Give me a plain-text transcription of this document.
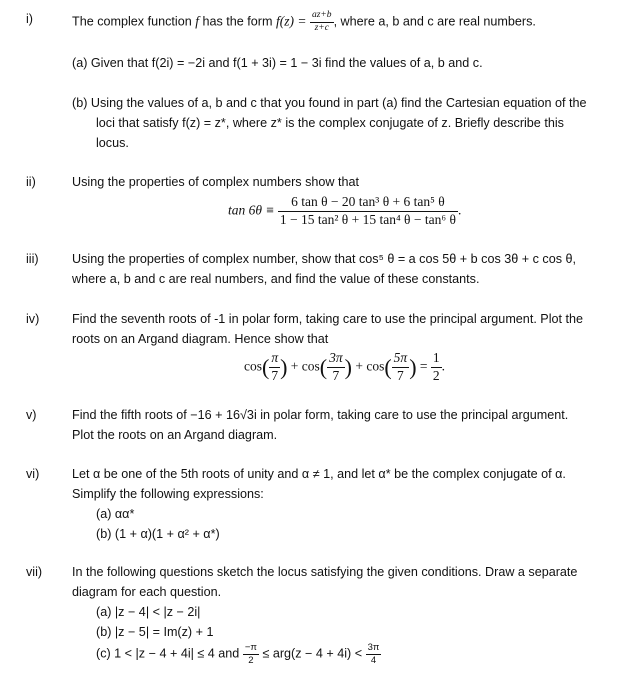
i)	The complex function f has the form $f(z) = \frac{az+b}{z+c}$ , where a, b and c are real numbers.

(a) Given that f(2i) = −2i and f(1 + 3i) = 1 − 3i find the values of a, b and c.

(b) Using the values of a, b and c that you found in part (a) find the Cartesian equation of the

loci that satisfy f(z) = z*, where z* is the complex conjugate of z. Briefly describe this

locus.

ii)	Using the properties of complex numbers show that

$\tan 6\theta \equiv \frac{\text{6 tan θ − 20 tan³ θ + 6 tan⁵ θ}}{\text{1 − 15 tan² θ + 15 tan⁴ θ − tan⁶ θ}}$ .
iii)	Using the properties of complex number, show that cos⁵ θ = a cos 5θ + b cos 3θ + c cos θ,

where a, b and c are real numbers, and find the value of these constants.

iv)	Find the seventh roots of -1 in polar form, taking care to use the principal argument. Plot the

roots on an Argand diagram. Hence show that

$\cos( \frac{\pi}{7}$ ) + $\cos( \frac{3\pi}{7}$ ) + $\cos( \frac{5\pi}{7}$ ) = $\frac{1}{2}$ .
v)	Find the fifth roots of −16 + 16√3i in polar form, taking care to use the principal argument.

Plot the roots on an Argand diagram.

vi)	Let α be one of the 5th roots of unity and α ≠ 1, and let α* be the complex conjugate of α.

Simplify the following expressions:

(a) αα*

(b) (1 + α)(1 + α² + α*)

vii) In the following questions sketch the locus satisfying the given conditions. Draw a separate

diagram for each question.

(a) |z − 4| < |z − 2i|

(b) |z − 5| = Im(z) + 1

(c) 1 < |z − 4 + 4i| ≤ 4 and $\frac{-\pi}{2} \le arg(z - 4 + 4i) < \frac{3\pi}{4}$
